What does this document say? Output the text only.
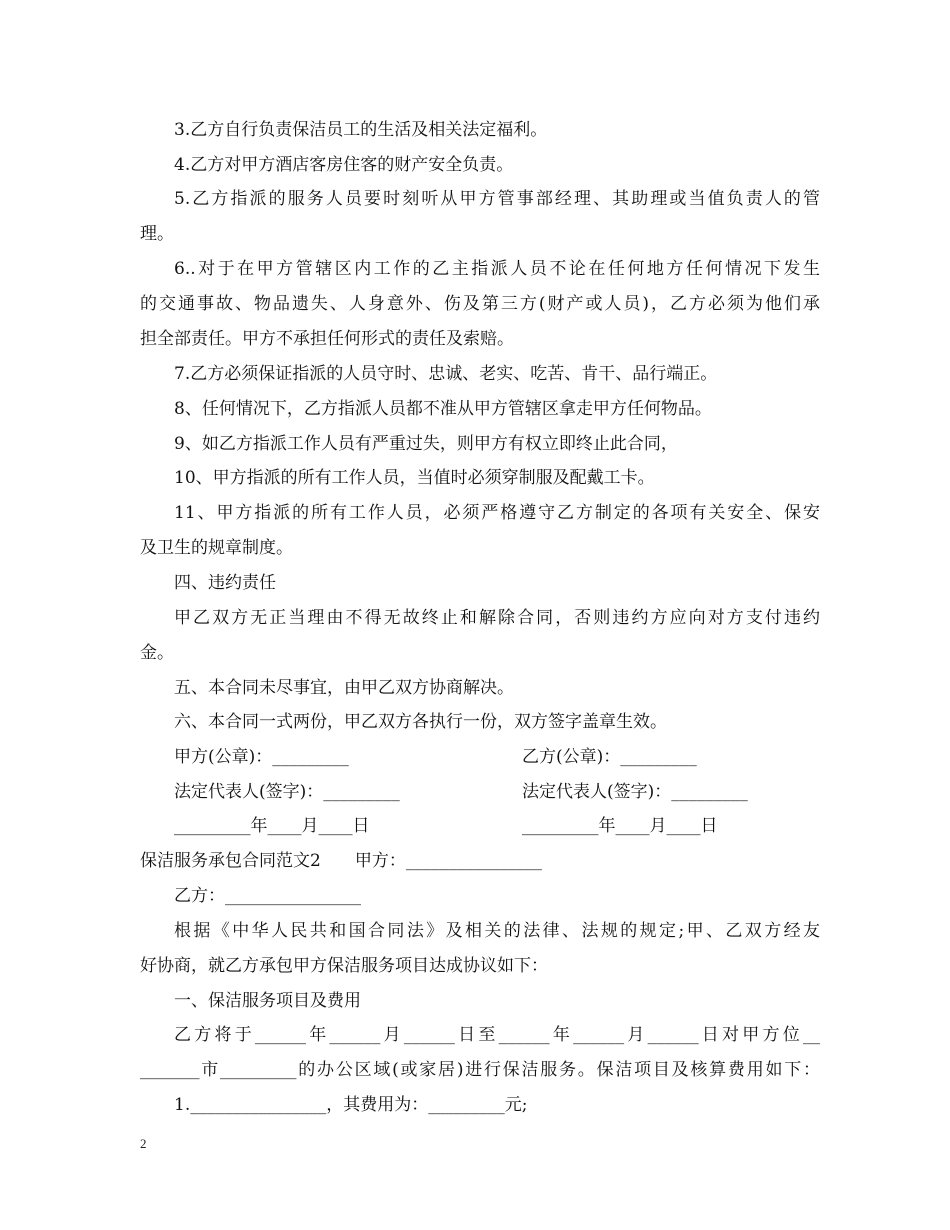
3.乙方自行负责保洁员工的生活及相关法定福利。
4.乙方对甲方酒店客房住客的财产安全负责。
5.乙方指派的服务人员要时刻听从甲方管事部经理、其助理或当值负责人的管
理。
6..对于在甲方管辖区内工作的乙主指派人员不论在任何地方任何情况下发生
的交通事故、物品遗失、人身意外、伤及第三方(财产或人员)，乙方必须为他们承
担全部责任。甲方不承担任何形式的责任及索赔。
7.乙方必须保证指派的人员守时、忠诚、老实、吃苦、肯干、品行端正。
8、任何情况下，乙方指派人员都不准从甲方管辖区拿走甲方任何物品。
9、如乙方指派工作人员有严重过失，则甲方有权立即终止此合同，
10、甲方指派的所有工作人员，当值时必须穿制服及配戴工卡。
11、甲方指派的所有工作人员，必须严格遵守乙方制定的各项有关安全、保安
及卫生的规章制度。
四、违约责任
甲乙双方无正当理由不得无故终止和解除合同，否则违约方应向对方支付违约
金。
五、本合同未尽事宜，由甲乙双方协商解决。
六、本合同一式两份，甲乙双方各执行一份，双方签字盖章生效。
甲方(公章)：_________	乙方(公章)：_________
法定代表人(签字)：_________	法定代表人(签字)：_________
_________年____月____日	_________年____月____日
保洁服务承包合同范文2　　甲方：________________
乙方：________________
根据《中华人民共和国合同法》及相关的法律、法规的规定;甲、乙双方经友
好协商，就乙方承包甲方保洁服务项目达成协议如下：
一、保洁服务项目及费用
乙方将于______年______月______日至______年______月______日对甲方位__
_______市_________的办公区域(或家居)进行保洁服务。保洁项目及核算费用如下：
1.________________，其费用为：_________元;
2
